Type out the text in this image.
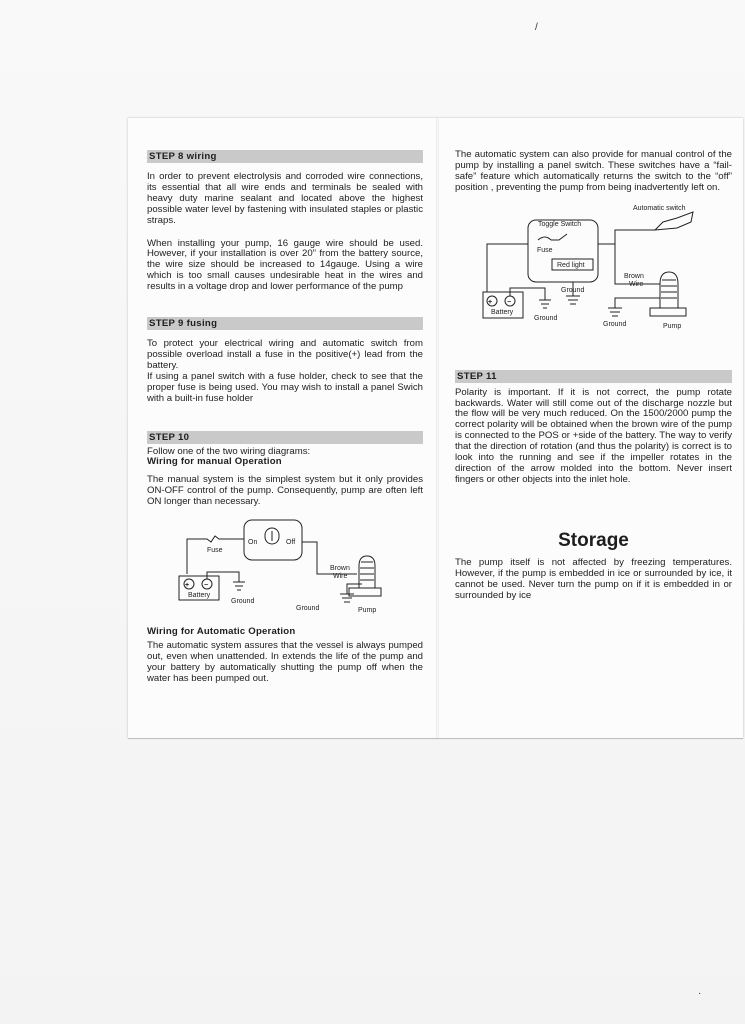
/
·
STEP 8 wiring

In order to prevent electrolysis and corroded wire connections, its essential that all wire ends and terminals be sealed with heavy duty marine sealant and located above the highest possible water level by fastening with insulated staples or plastic straps.

When installing your pump, 16 gauge wire should be used. However, if your installation is over 20” from the battery source, the wire size should be increased to 14gauge. Using a wire which is too small causes undesirable heat in the wires and results in a voltage drop and lower performance of the pump

STEP 9 fusing

To protect your electrical wiring and automatic switch from possible overload install a fuse in the positive(+) lead from the battery.

If using a panel switch with a fuse holder, check to see that the proper fuse is being used. You may wish to install a panel Swich with a built-in fuse holder

STEP 10

Follow one of the two wiring diagrams:

Wiring for manual Operation

The manual system is the simplest system but it only provides ON-OFF control of the pump. Consequently, pump are often left ON longer than necessary.

+ −
Fuse
On	Off
Brown
Wire
Battery
Ground
Ground	Pump
Wiring for Automatic Operation

The automatic system assures that the vessel is always pumped out, even when unattended. In extends the life of the pump and your battery by automatically shutting the pump off when the water has been pumped out.

The automatic system can also provide for manual control of the pump by installing a panel switch. These switches have a “fail-safe” feature which automatically returns the switch to the “off” position , preventing the pump from being inadvertently left on.

+ −
Automatic switch
Toggle Switch
Fuse
Red light
Ground
Brown
Wire
Battery
Ground
Ground	Pump
STEP 11

Polarity is important. If it is not correct, the pump rotate backwards. Water will still come out of the discharge nozzle but the flow will be very much reduced. On the 1500/2000 pump the correct polarity will be obtained when the brown wire of the pump is connected to the POS or +side of the battery. The way to verify that the direction of rotation (and thus the polarity) is correct is to look into the running and see if the impeller rotates in the direction of the arrow molded into the bottom. Never insert fingers or other objects into the inlet hole.

Storage

The pump itself is not affected by freezing temperatures. However, if the pump is embedded in ice or surrounded by ice, it cannot be used. Never turn the pump on if it is embedded in or surrounded by ice
